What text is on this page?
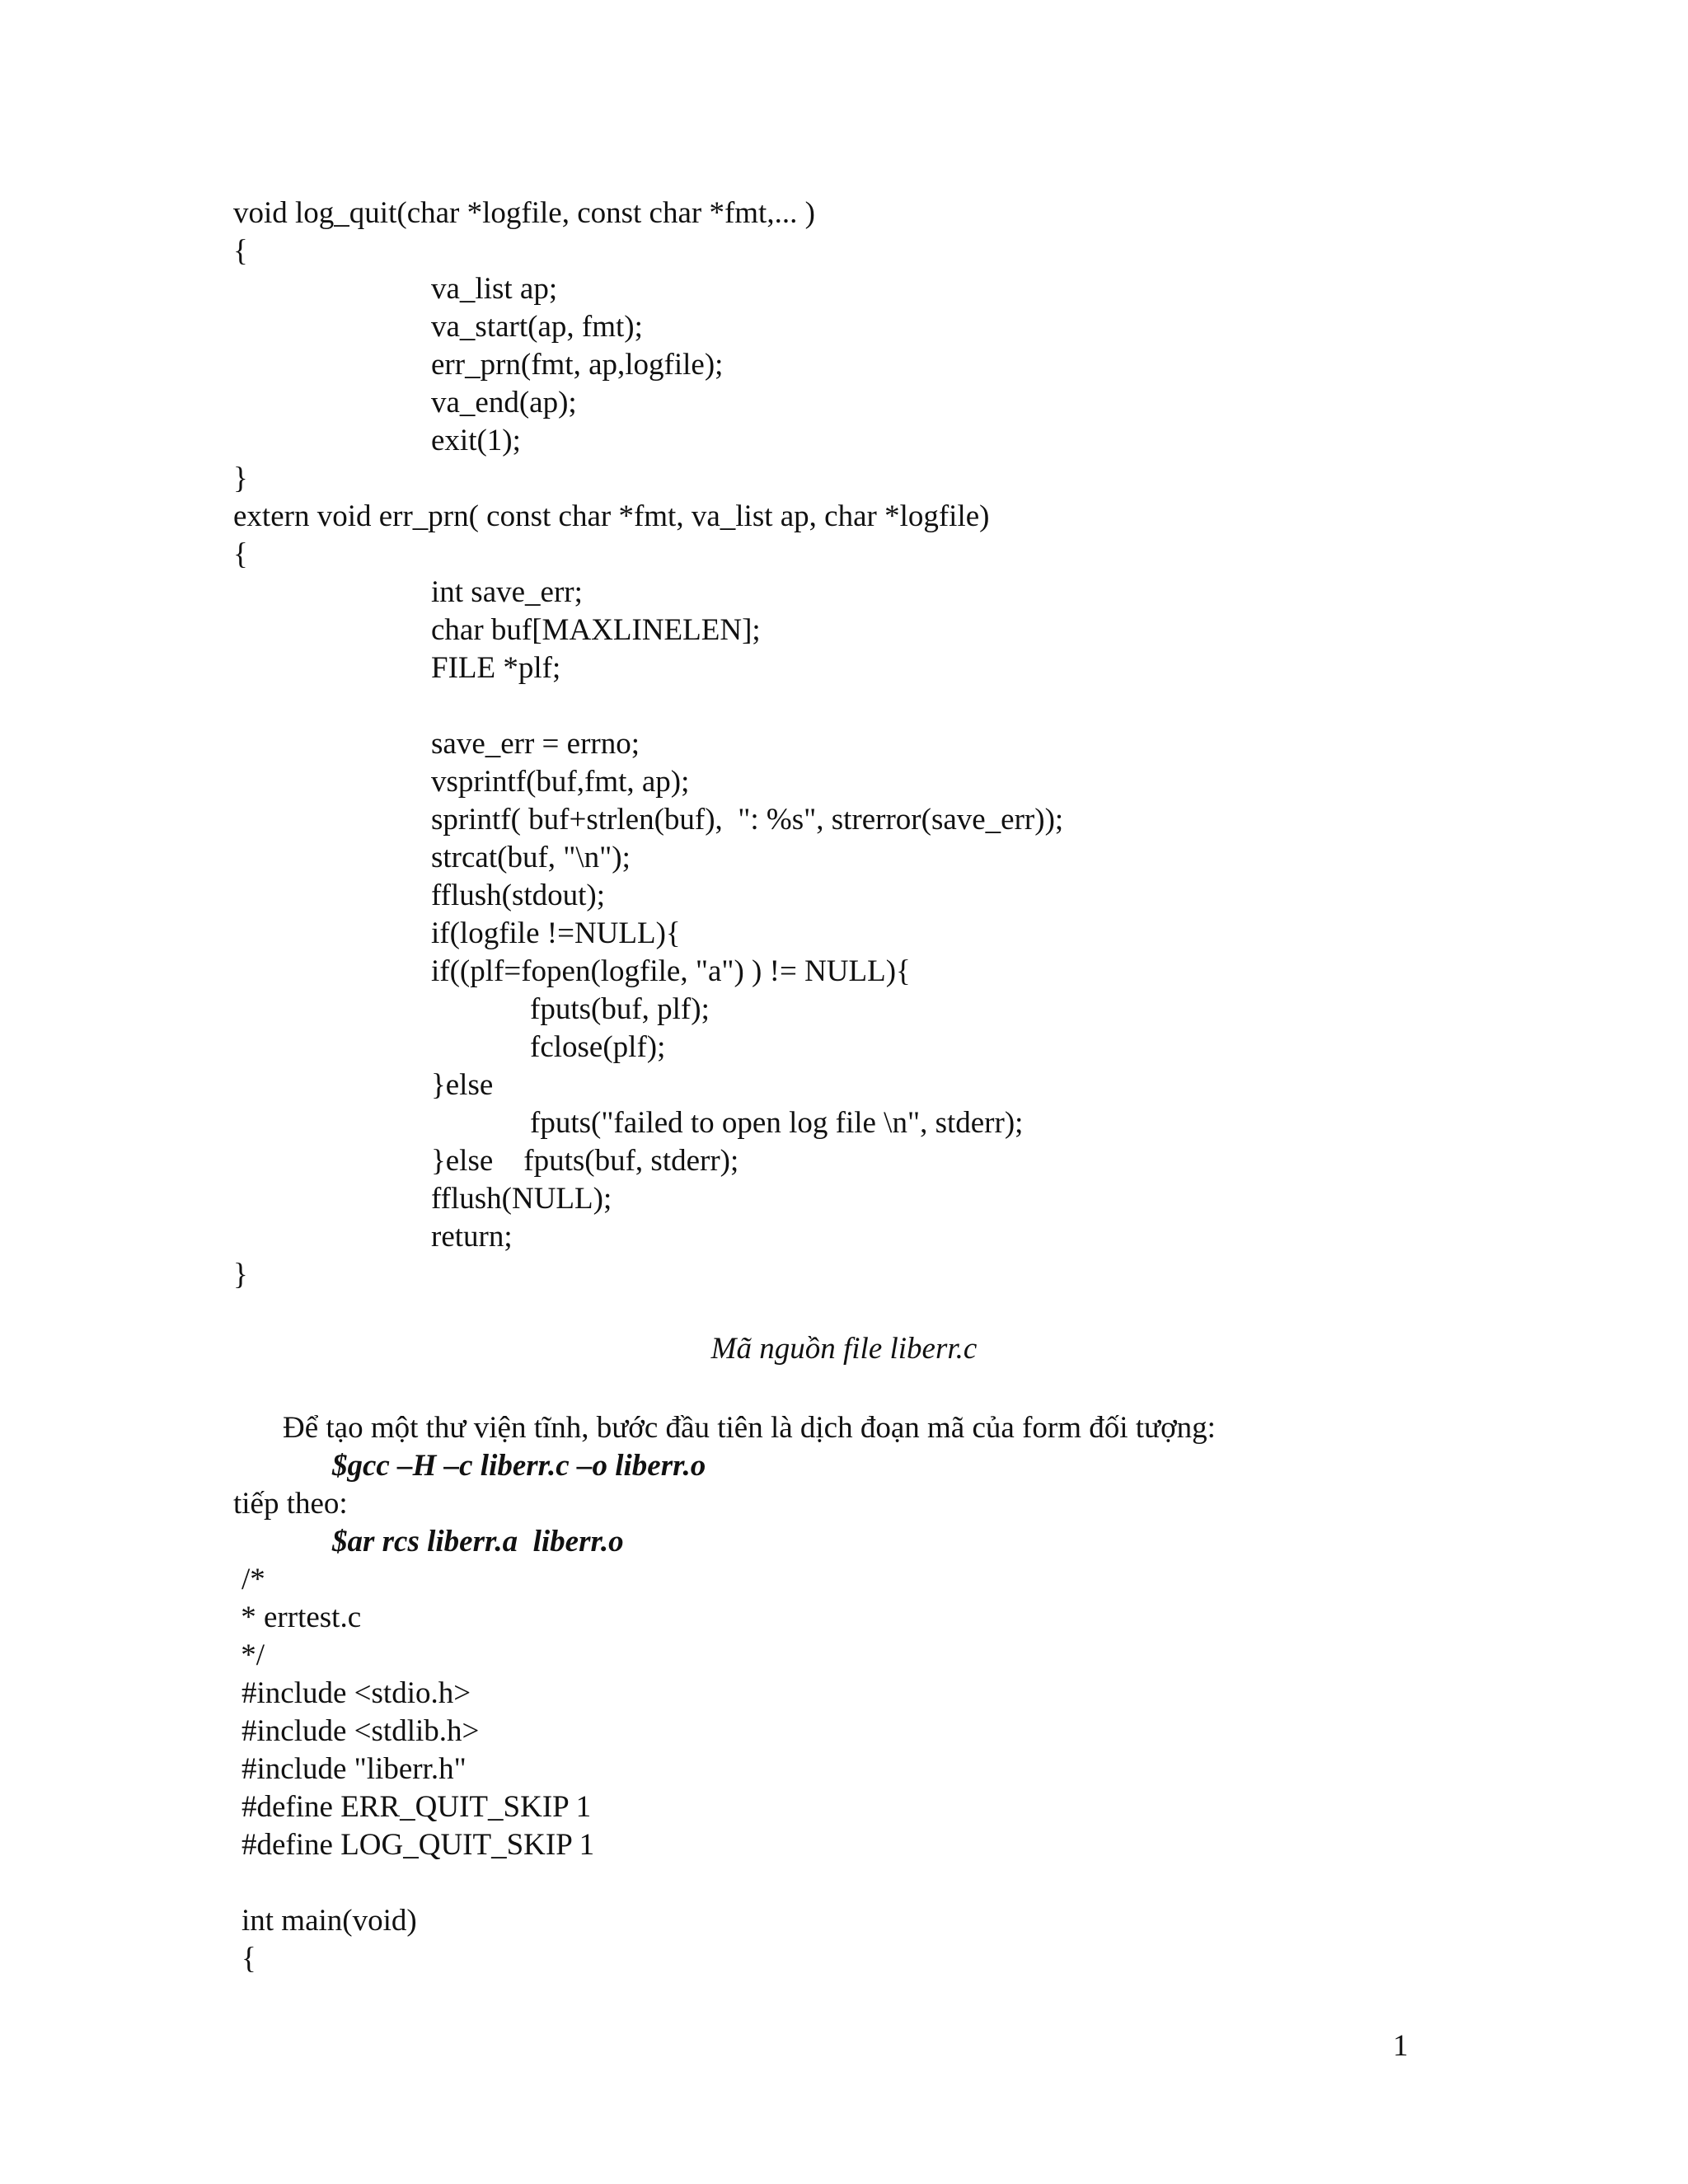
void log_quit(char *logfile, const char *fmt,... )
{
va_list ap;
va_start(ap, fmt);
err_prn(fmt, ap,logfile);
va_end(ap);
exit(1);
}
extern void err_prn( const char *fmt, va_list ap, char *logfile)
{
int save_err;
char buf[MAXLINELEN];
FILE *plf;
save_err = errno;
vsprintf(buf,fmt, ap);
sprintf( buf+strlen(buf),  ": %s", strerror(save_err));
strcat(buf, "\n");
fflush(stdout);
if(logfile !=NULL){
if((plf=fopen(logfile, "a") ) != NULL){
fputs(buf, plf);
fclose(plf);
}else
fputs("failed to open log file \n", stderr);
}else    fputs(buf, stderr);
fflush(NULL);
return;
}
Mã nguồn file liberr.c
Để tạo một thư viện tĩnh, bước đầu tiên là dịch đoạn mã của form đối tượng:
$gcc –H –c liberr.c –o liberr.o
tiếp theo:
$ar rcs liberr.a  liberr.o
/*
* errtest.c
*/
#include <stdio.h>
#include <stdlib.h>
#include "liberr.h"
#define ERR_QUIT_SKIP 1
#define LOG_QUIT_SKIP 1
int main(void)
{
1
